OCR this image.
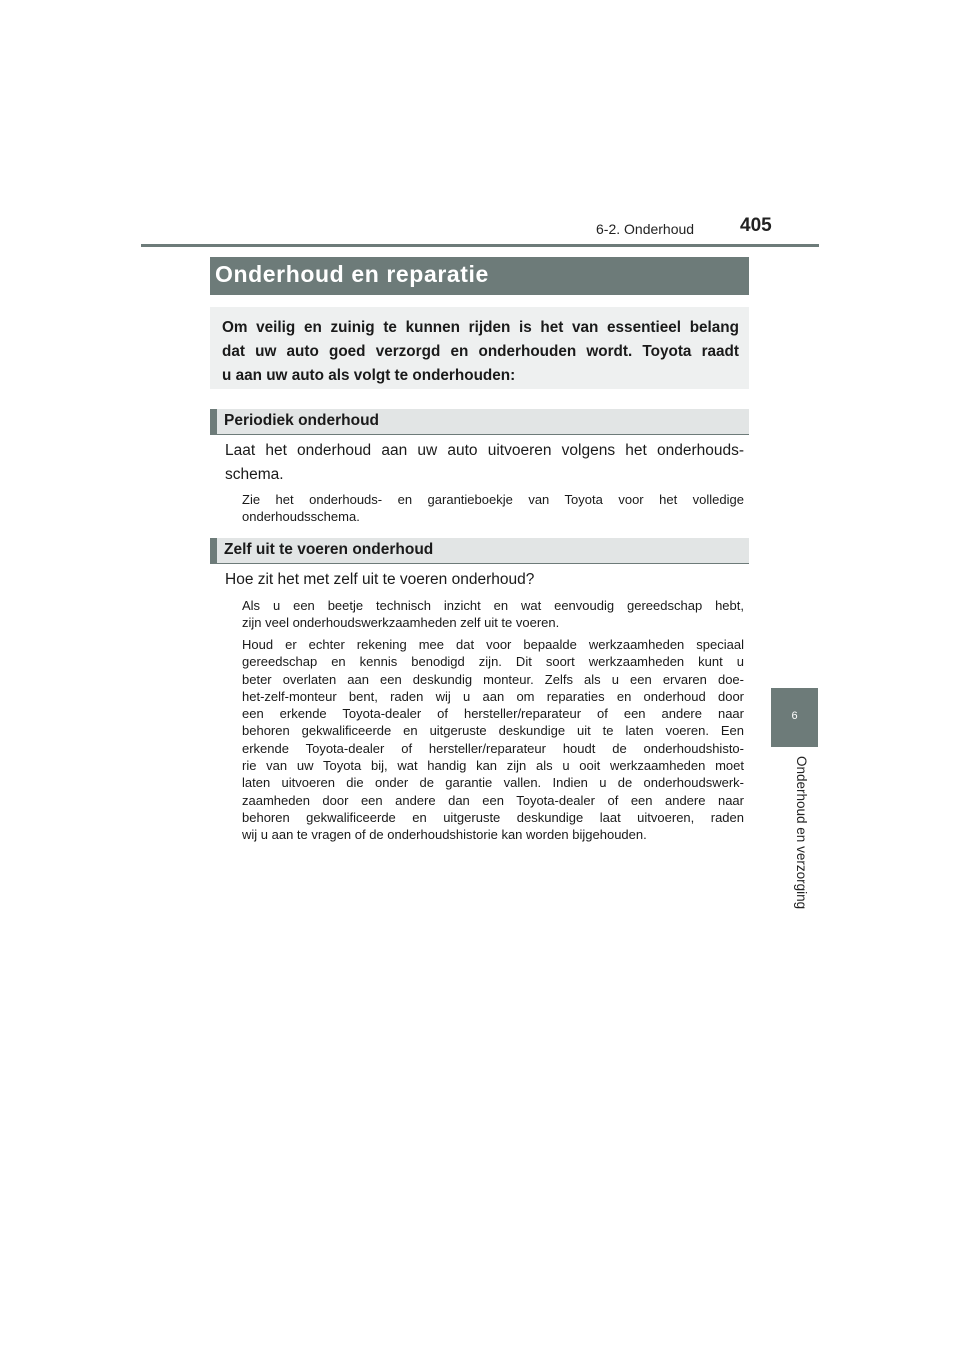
6-2. Onderhoud 405
6
Onderhoud en verzorging
Onderhoud en reparatie
Om veilig en zuinig te kunnen rijden is het van essentieel belang
dat uw auto goed verzorgd en onderhouden wordt. Toyota raadt
u aan uw auto als volgt te onderhouden:
Periodiek onderhoud
Laat het onderhoud aan uw auto uitvoeren volgens het onderhouds-
schema.
Zie het onderhouds- en garantieboekje van Toyota voor het volledige
onderhoudsschema.
Zelf uit te voeren onderhoud
Hoe zit het met zelf uit te voeren onderhoud?
Als u een beetje technisch inzicht en wat eenvoudig gereedschap hebt,
zijn veel onderhoudswerkzaamheden zelf uit te voeren.
Houd er echter rekening mee dat voor bepaalde werkzaamheden speciaal
gereedschap en kennis benodigd zijn. Dit soort werkzaamheden kunt u
beter overlaten aan een deskundig monteur. Zelfs als u een ervaren doe-
het-zelf-monteur bent, raden wij u aan om reparaties en onderhoud door
een erkende Toyota-dealer of hersteller/reparateur of een andere naar
behoren gekwalificeerde en uitgeruste deskundige uit te laten voeren. Een
erkende Toyota-dealer of hersteller/reparateur houdt de onderhoudshisto-
rie van uw Toyota bij, wat handig kan zijn als u ooit werkzaamheden moet
laten uitvoeren die onder de garantie vallen. Indien u de onderhoudswerk-
zaamheden door een andere dan een Toyota-dealer of een andere naar
behoren gekwalificeerde en uitgeruste deskundige laat uitvoeren, raden
wij u aan te vragen of de onderhoudshistorie kan worden bijgehouden.
